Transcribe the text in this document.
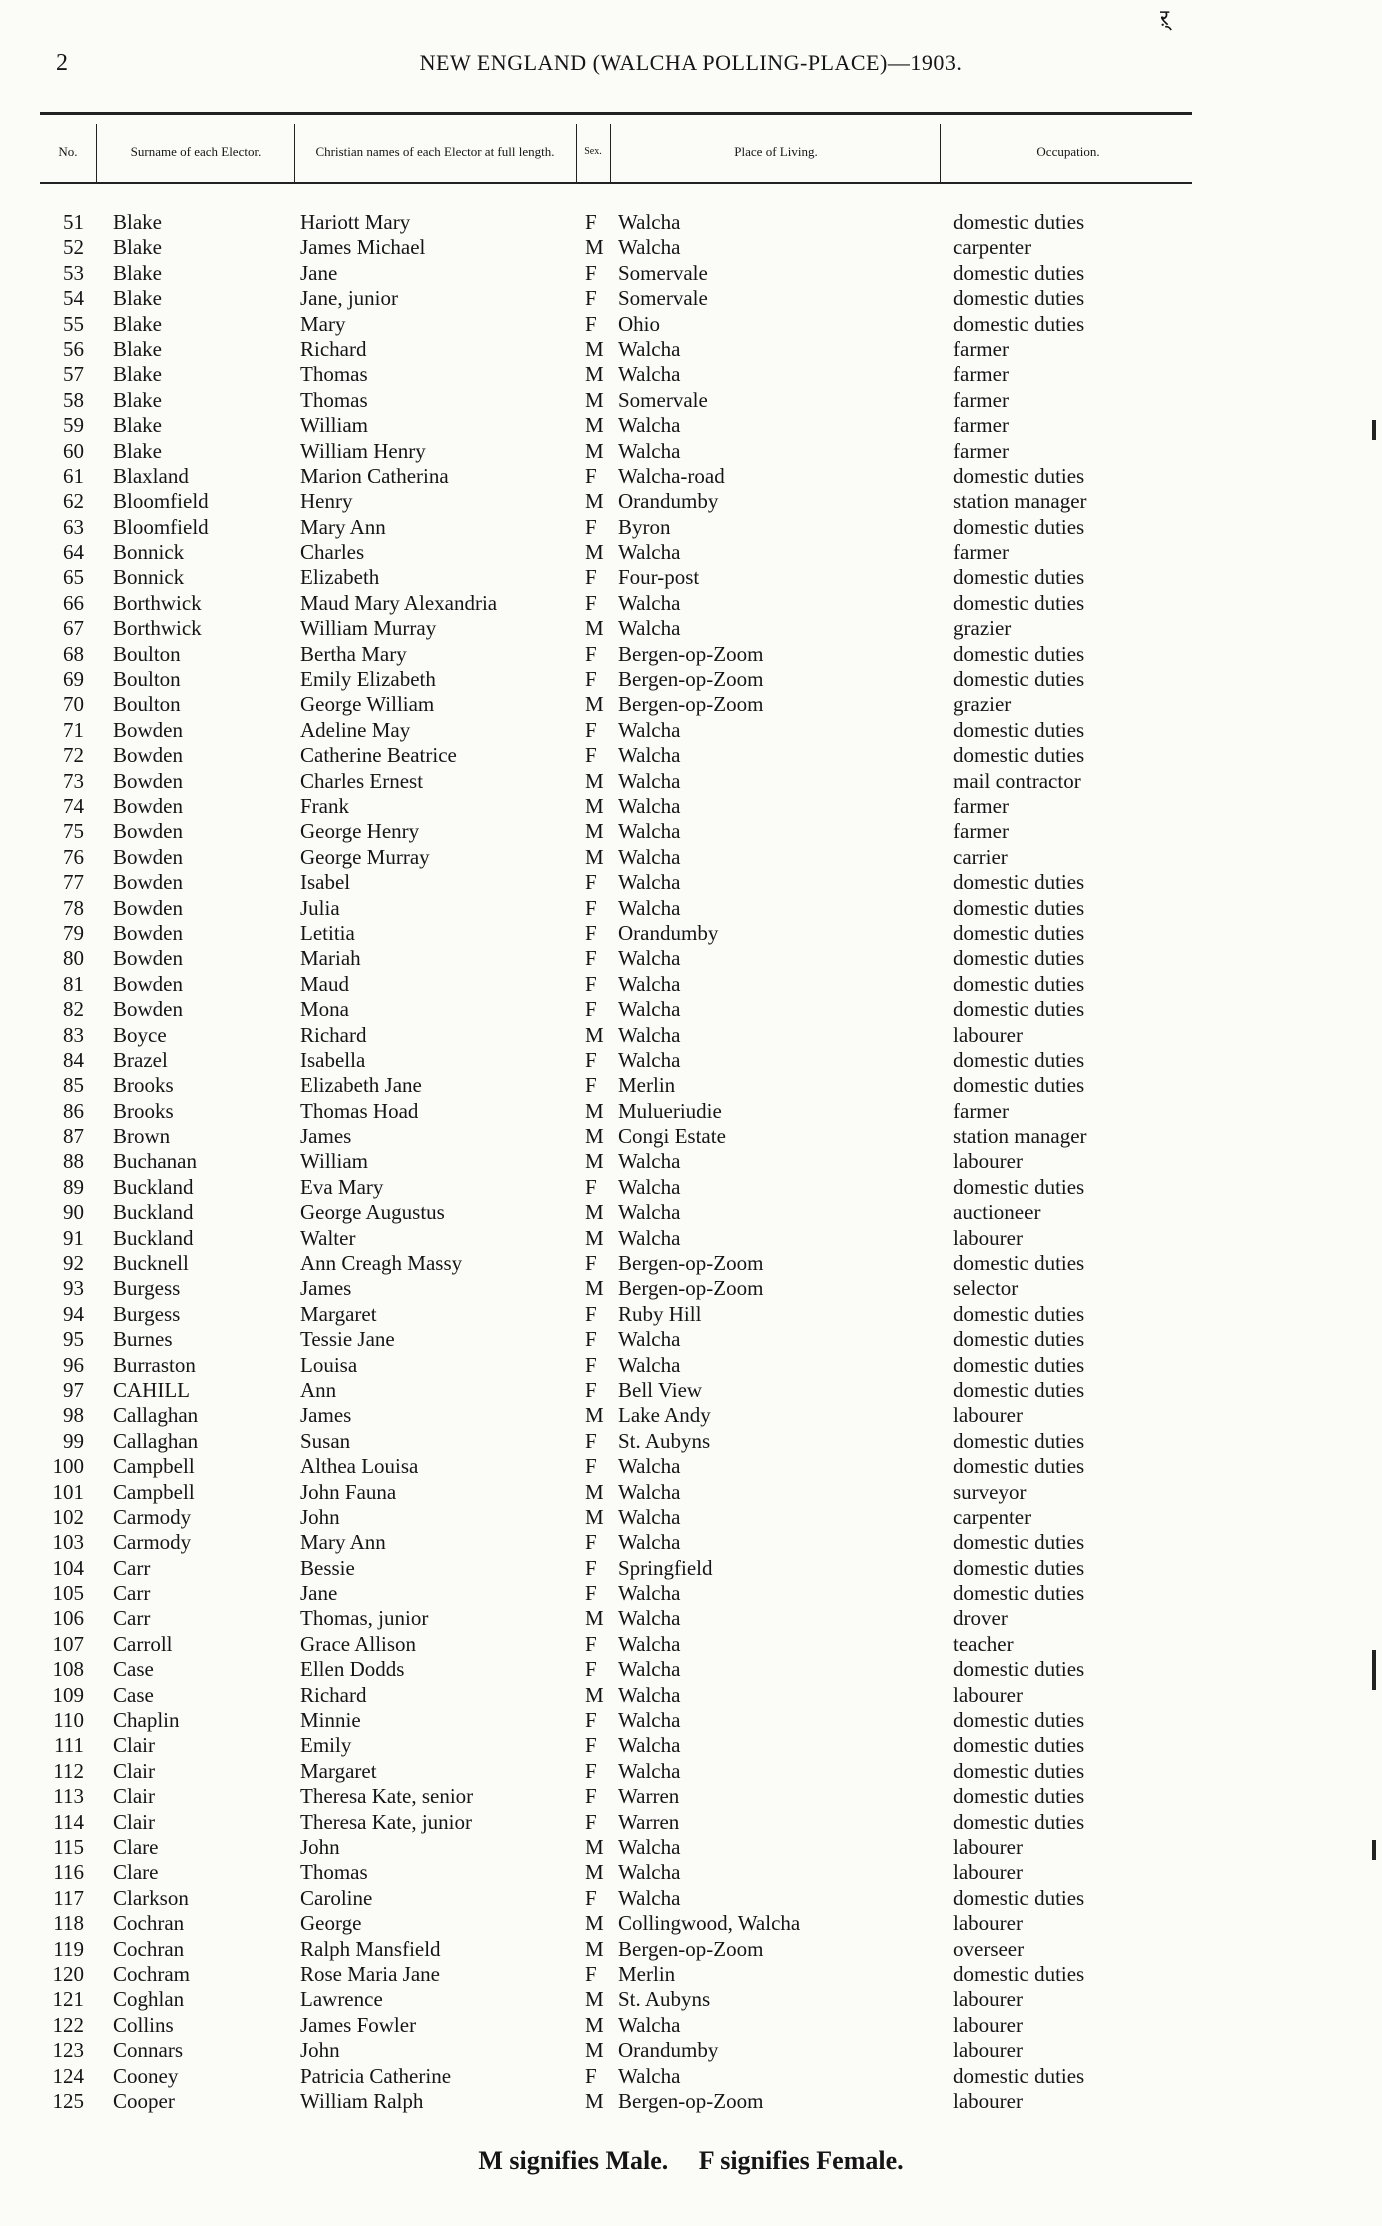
2	NEW ENGLAND (WALCHA POLLING-PLACE)—1903.
ऱ्
No.	Surname of each Elector.	Christian names of each Elector at full length.	Sex.	Place of Living.	Occupation.
51 Blake	Hariott Mary	F Walcha	domestic duties
52 Blake	James Michael	M Walcha	carpenter
53 Blake	Jane	F Somervale	domestic duties
54 Blake	Jane, junior	F Somervale	domestic duties
55 Blake	Mary	F Ohio	domestic duties
56 Blake	Richard	M Walcha	farmer
57 Blake	Thomas	M Walcha	farmer
58 Blake	Thomas	M Somervale	farmer
59 Blake	William	M Walcha	farmer
60 Blake	William Henry	M Walcha	farmer
61 Blaxland	Marion Catherina	F Walcha-road	domestic duties
62 Bloomfield	Henry	M Orandumby	station manager
63 Bloomfield	Mary Ann	F Byron	domestic duties
64 Bonnick	Charles	M Walcha	farmer
65 Bonnick	Elizabeth	F Four-post	domestic duties
66 Borthwick	Maud Mary Alexandria	F Walcha	domestic duties
67 Borthwick	William Murray	M Walcha	grazier
68 Boulton	Bertha Mary	F Bergen-op-Zoom	domestic duties
69 Boulton	Emily Elizabeth	F Bergen-op-Zoom	domestic duties
70 Boulton	George William	M Bergen-op-Zoom	grazier
71 Bowden	Adeline May	F Walcha	domestic duties
72 Bowden	Catherine Beatrice	F Walcha	domestic duties
73 Bowden	Charles Ernest	M Walcha	mail contractor
74 Bowden	Frank	M Walcha	farmer
75 Bowden	George Henry	M Walcha	farmer
76 Bowden	George Murray	M Walcha	carrier
77 Bowden	Isabel	F Walcha	domestic duties
78 Bowden	Julia	F Walcha	domestic duties
79 Bowden	Letitia	F Orandumby	domestic duties
80 Bowden	Mariah	F Walcha	domestic duties
81 Bowden	Maud	F Walcha	domestic duties
82 Bowden	Mona	F Walcha	domestic duties
83 Boyce	Richard	M Walcha	labourer
84 Brazel	Isabella	F Walcha	domestic duties
85 Brooks	Elizabeth Jane	F Merlin	domestic duties
86 Brooks	Thomas Hoad	M Mulueriudie	farmer
87 Brown	James	M Congi Estate	station manager
88 Buchanan	William	M Walcha	labourer
89 Buckland	Eva Mary	F Walcha	domestic duties
90 Buckland	George Augustus	M Walcha	auctioneer
91 Buckland	Walter	M Walcha	labourer
92 Bucknell	Ann Creagh Massy	F Bergen-op-Zoom	domestic duties
93 Burgess	James	M Bergen-op-Zoom	selector
94 Burgess	Margaret	F Ruby Hill	domestic duties
95 Burnes	Tessie Jane	F Walcha	domestic duties
96 Burraston	Louisa	F Walcha	domestic duties
97 CAHILL	Ann	F Bell View	domestic duties
98 Callaghan	James	M Lake Andy	labourer
99 Callaghan	Susan	F St. Aubyns	domestic duties
100 Campbell	Althea Louisa	F Walcha	domestic duties
101 Campbell	John Fauna	M Walcha	surveyor
102 Carmody	John	M Walcha	carpenter
103 Carmody	Mary Ann	F Walcha	domestic duties
104 Carr	Bessie	F Springfield	domestic duties
105 Carr	Jane	F Walcha	domestic duties
106 Carr	Thomas, junior	M Walcha	drover
107 Carroll	Grace Allison	F Walcha	teacher
108 Case	Ellen Dodds	F Walcha	domestic duties
109 Case	Richard	M Walcha	labourer
110 Chaplin	Minnie	F Walcha	domestic duties
111 Clair	Emily	F Walcha	domestic duties
112 Clair	Margaret	F Walcha	domestic duties
113 Clair	Theresa Kate, senior	F Warren	domestic duties
114 Clair	Theresa Kate, junior	F Warren	domestic duties
115 Clare	John	M Walcha	labourer
116 Clare	Thomas	M Walcha	labourer
117 Clarkson	Caroline	F Walcha	domestic duties
118 Cochran	George	M Collingwood, Walcha	labourer
119 Cochran	Ralph Mansfield	M Bergen-op-Zoom	overseer
120 Cochram	Rose Maria Jane	F Merlin	domestic duties
121 Coghlan	Lawrence	M St. Aubyns	labourer
122 Collins	James Fowler	M Walcha	labourer
123 Connars	John	M Orandumby	labourer
124 Cooney	Patricia Catherine	F Walcha	domestic duties
125 Cooper	William Ralph	M Bergen-op-Zoom	labourer
M signifies Male. F signifies Female.
